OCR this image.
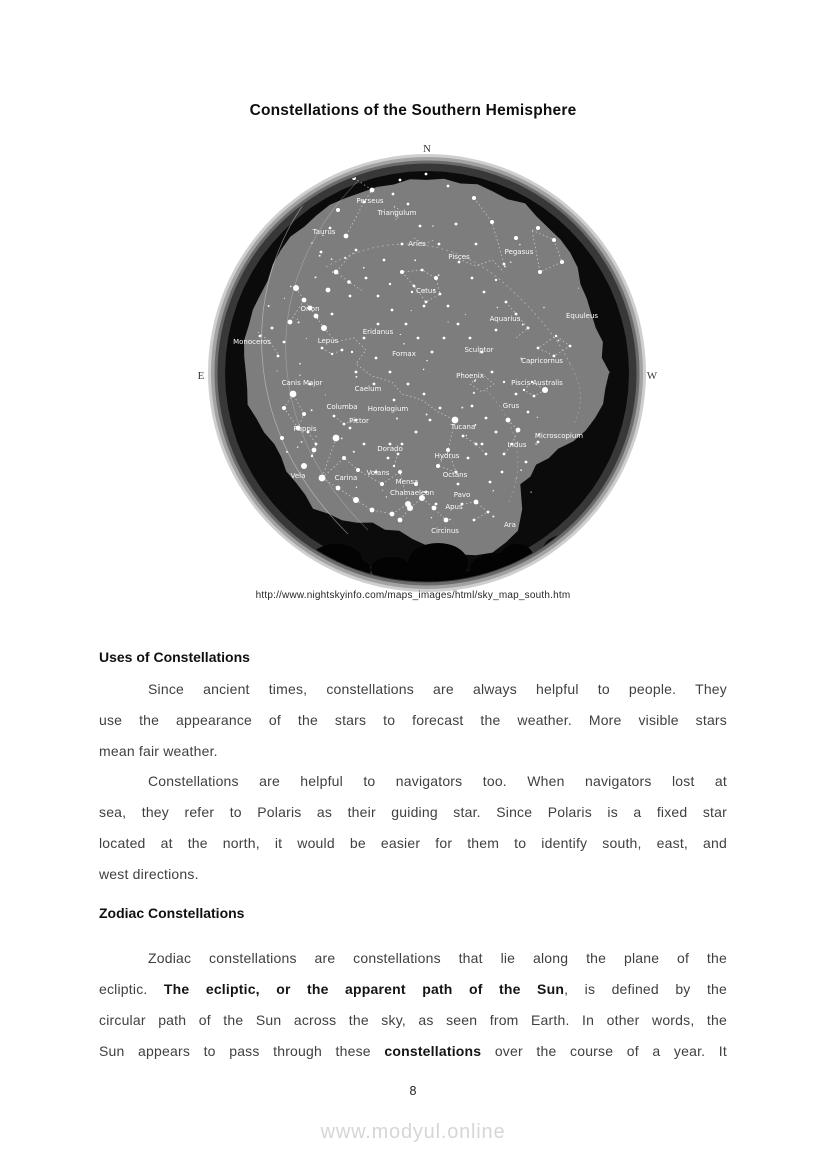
Constellations of the Southern Hemisphere
Perseus
Triangulum
Taurus
Aries
Pisces
Pegasus
Cetus
Aquarius	Equuleus
Orion
Monoceros	Lepus
Eridanus
Fornax	Sculptor
Capricornus
Phoenix
Piscis Australis
Canis Major
Caelum
Columba Horologium
Pictor
Puppis
Grus
Dorado
Tucana
Microscopium
Indus
Hydrus
Vela	Carina
Volans
Mensa
Chamaeleon
Octans
Pavo
Apus
Circinus
Ara
N
E	W
http://www.nightskyinfo.com/maps_images/html/sky_map_south.htm
Uses of Constellations
Since ancient times, constellations are always helpful to people. They
use the appearance of the stars to forecast the weather. More visible stars
mean fair weather.
Constellations are helpful to navigators too. When navigators lost at
sea, they refer to Polaris as their guiding star. Since Polaris is a fixed star
located at the north, it would be easier for them to identify south, east, and
west directions.
Zodiac Constellations
Zodiac constellations are constellations that lie along the plane of the
ecliptic. The ecliptic, or the apparent path of the Sun, is defined by the
circular path of the Sun across the sky, as seen from Earth. In other words, the
Sun appears to pass through these constellations over the course of a year. It
8
www.modyul.online
